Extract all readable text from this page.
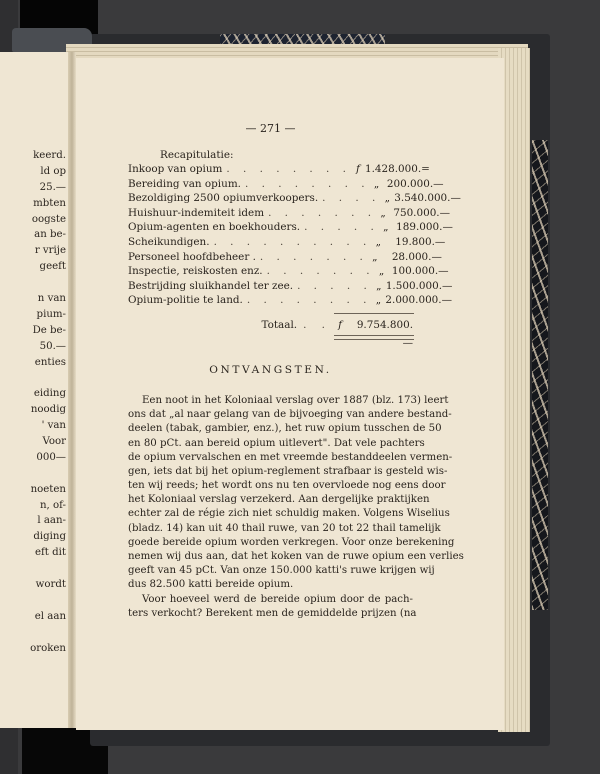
keerd.
ld op
25.—
mbten
oogste
an be-
r vrije
geeft
n van
pium-
De be-
50.—
enties
eiding
noodig
' van
Voor
000—
noeten
n, of-
l aan-
diging
eft dit
wordt
el aan
oroken
— 271 —
Recapitulatie:
Inkoop van opium . . . . . . . . f 1.428.000.=
Bereiding van opium. . . . . . . . . „ 200.000.—
Bezoldiging 2500 opiumverkoopers. . . . . „ 3.540.000.—
Huishuur-indemiteit idem . . . . . . . „ 750.000.—
Opium-agenten en boekhouders. . . . . . „ 189.000.—
Scheikundigen. . . . . . . . . . . „	19.800.—
Personeel hoofdbeheer . . . . . . . . „	28.000.—
Inspectie, reiskosten enz. . . . . . . . „ 100.000.—
Bestrijding sluikhandel ter zee. . . . . . „ 1.500.000.—
Opium-politie te land. . . . . . . . . „ 2.000.000.—
Totaal. . . f	9.754.800.—
ONTVANGSTEN.
Een noot in het Koloniaal verslag over 1887 (blz. 173) leert
ons dat „al naar gelang van de bijvoeging van andere bestand-
deelen (tabak, gambier, enz.), het ruw opium tusschen de 50
en 80 pCt. aan bereid opium uitlevert". Dat vele pachters
de opium vervalschen en met vreemde bestanddeelen vermen-
gen, iets dat bij het opium-reglement strafbaar is gesteld wis-
ten wij reeds; het wordt ons nu ten overvloede nog eens door
het Koloniaal verslag verzekerd. Aan dergelijke praktijken
echter zal de régie zich niet schuldig maken. Volgens Wiselius
(bladz. 14) kan uit 40 thail ruwe, van 20 tot 22 thail tamelijk
goede bereide opium worden verkregen. Voor onze berekening
nemen wij dus aan, dat het koken van de ruwe opium een verlies
geeft van 45 pCt. Van onze 150.000 katti's ruwe krijgen wij
dus 82.500 katti bereide opium.
Voor hoeveel werd de bereide opium door de pach-
ters verkocht? Berekent men de gemiddelde prijzen (na
